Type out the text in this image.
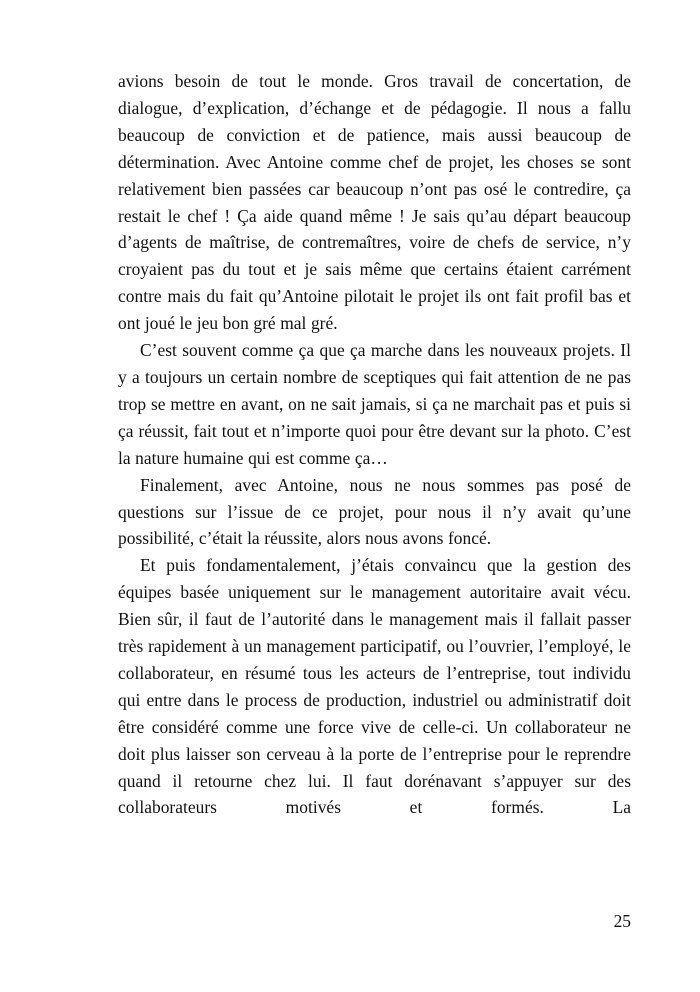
avions besoin de tout le monde. Gros travail de concertation, de dialogue, d’explication, d’échange et de pédagogie. Il nous a fallu beaucoup de conviction et de patience, mais aussi beaucoup de détermination. Avec Antoine comme chef de projet, les choses se sont relativement bien passées car beaucoup n’ont pas osé le contredire, ça restait le chef ! Ça aide quand même ! Je sais qu’au départ beaucoup d’agents de maîtrise, de contremaîtres, voire de chefs de service, n’y croyaient pas du tout et je sais même que certains étaient carrément contre mais du fait qu’Antoine pilotait le projet ils ont fait profil bas et ont joué le jeu bon gré mal gré.

C’est souvent comme ça que ça marche dans les nouveaux projets. Il y a toujours un certain nombre de sceptiques qui fait attention de ne pas trop se mettre en avant, on ne sait jamais, si ça ne marchait pas et puis si ça réussit, fait tout et n’importe quoi pour être devant sur la photo. C’est la nature humaine qui est comme ça…

Finalement, avec Antoine, nous ne nous sommes pas posé de questions sur l’issue de ce projet, pour nous il n’y avait qu’une possibilité, c’était la réussite, alors nous avons foncé.

Et puis fondamentalement, j’étais convaincu que la gestion des équipes basée uniquement sur le management autoritaire avait vécu. Bien sûr, il faut de l’autorité dans le management mais il fallait passer très rapidement à un management participatif, ou l’ouvrier, l’employé, le collaborateur, en résumé tous les acteurs de l’entreprise, tout individu qui entre dans le process de production, industriel ou administratif doit être considéré comme une force vive de celle-ci. Un collaborateur ne doit plus laisser son cerveau à la porte de l’entreprise pour le reprendre quand il retourne chez lui. Il faut dorénavant s’appuyer sur des collaborateurs motivés et formés. La

25
